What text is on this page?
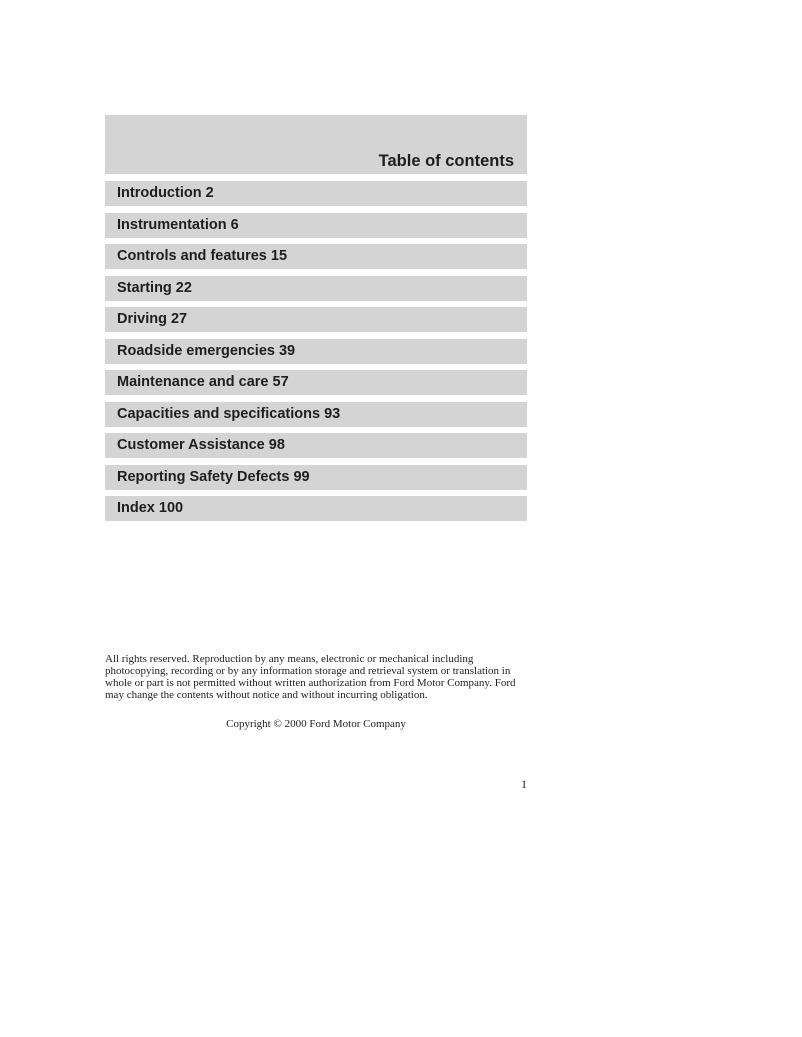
Table of contents
Introduction 2
Instrumentation 6
Controls and features 15
Starting 22
Driving 27
Roadside emergencies 39
Maintenance and care 57
Capacities and specifications 93
Customer Assistance 98
Reporting Safety Defects 99
Index 100

All rights reserved. Reproduction by any means, electronic or mechanical including photocopying, recording or by any information storage and retrieval system or translation in whole or part is not permitted without written authorization from Ford Motor Company. Ford may change the contents without notice and without incurring obligation.

Copyright © 2000 Ford Motor Company
1
